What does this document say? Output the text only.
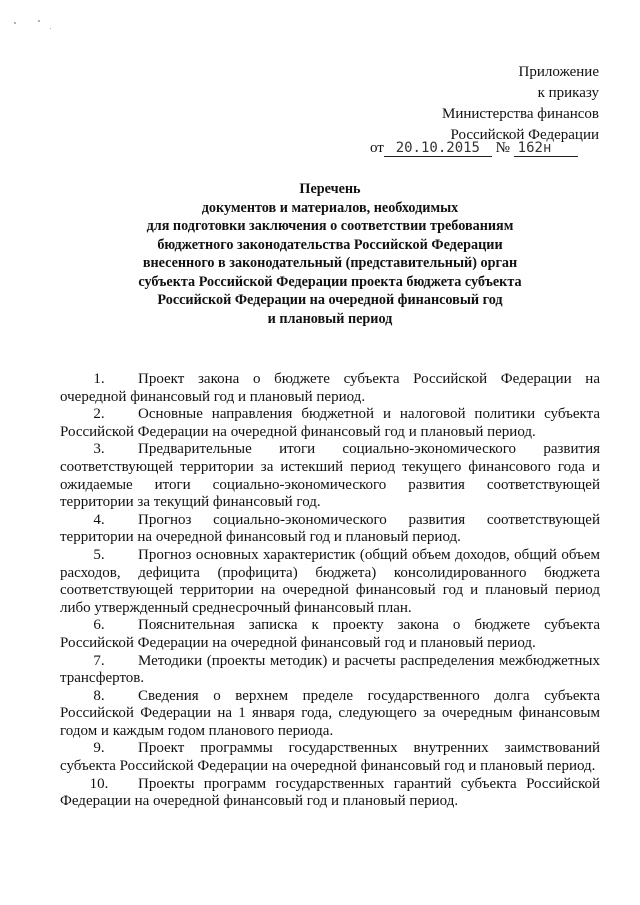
Приложение
к приказу
Министерства финансов
Российской Федерации
от 20.10.2015 № 162н
Перечень
документов и материалов, необходимых
для подготовки заключения о соответствии требованиям
бюджетного законодательства Российской Федерации
внесенного в законодательный (представительный) орган
субъекта Российской Федерации проекта бюджета субъекта
Российской Федерации на очередной финансовый год
и плановый период
1. Проект закона о бюджете субъекта Российской Федерации на очередной финансовый год и плановый период.
2. Основные направления бюджетной и налоговой политики субъекта Российской Федерации на очередной финансовый год и плановый период.
3. Предварительные итоги социально-экономического развития соответствующей территории за истекший период текущего финансового года и ожидаемые итоги социально-экономического развития соответствующей территории за текущий финансовый год.
4. Прогноз социально-экономического развития соответствующей территории на очередной финансовый год и плановый период.
5. Прогноз основных характеристик (общий объем доходов, общий объем расходов, дефицита (профицита) бюджета) консолидированного бюджета соответствующей территории на очередной финансовый год и плановый период либо утвержденный среднесрочный финансовый план.
6. Пояснительная записка к проекту закона о бюджете субъекта Российской Федерации на очередной финансовый год и плановый период.
7. Методики (проекты методик) и расчеты распределения межбюджетных трансфертов.
8. Сведения о верхнем пределе государственного долга субъекта Российской Федерации на 1 января года, следующего за очередным финансовым годом и каждым годом планового периода.
9. Проект программы государственных внутренних заимствований субъекта Российской Федерации на очередной финансовый год и плановый период.
10. Проекты программ государственных гарантий субъекта Российской Федерации на очередной финансовый год и плановый период.
